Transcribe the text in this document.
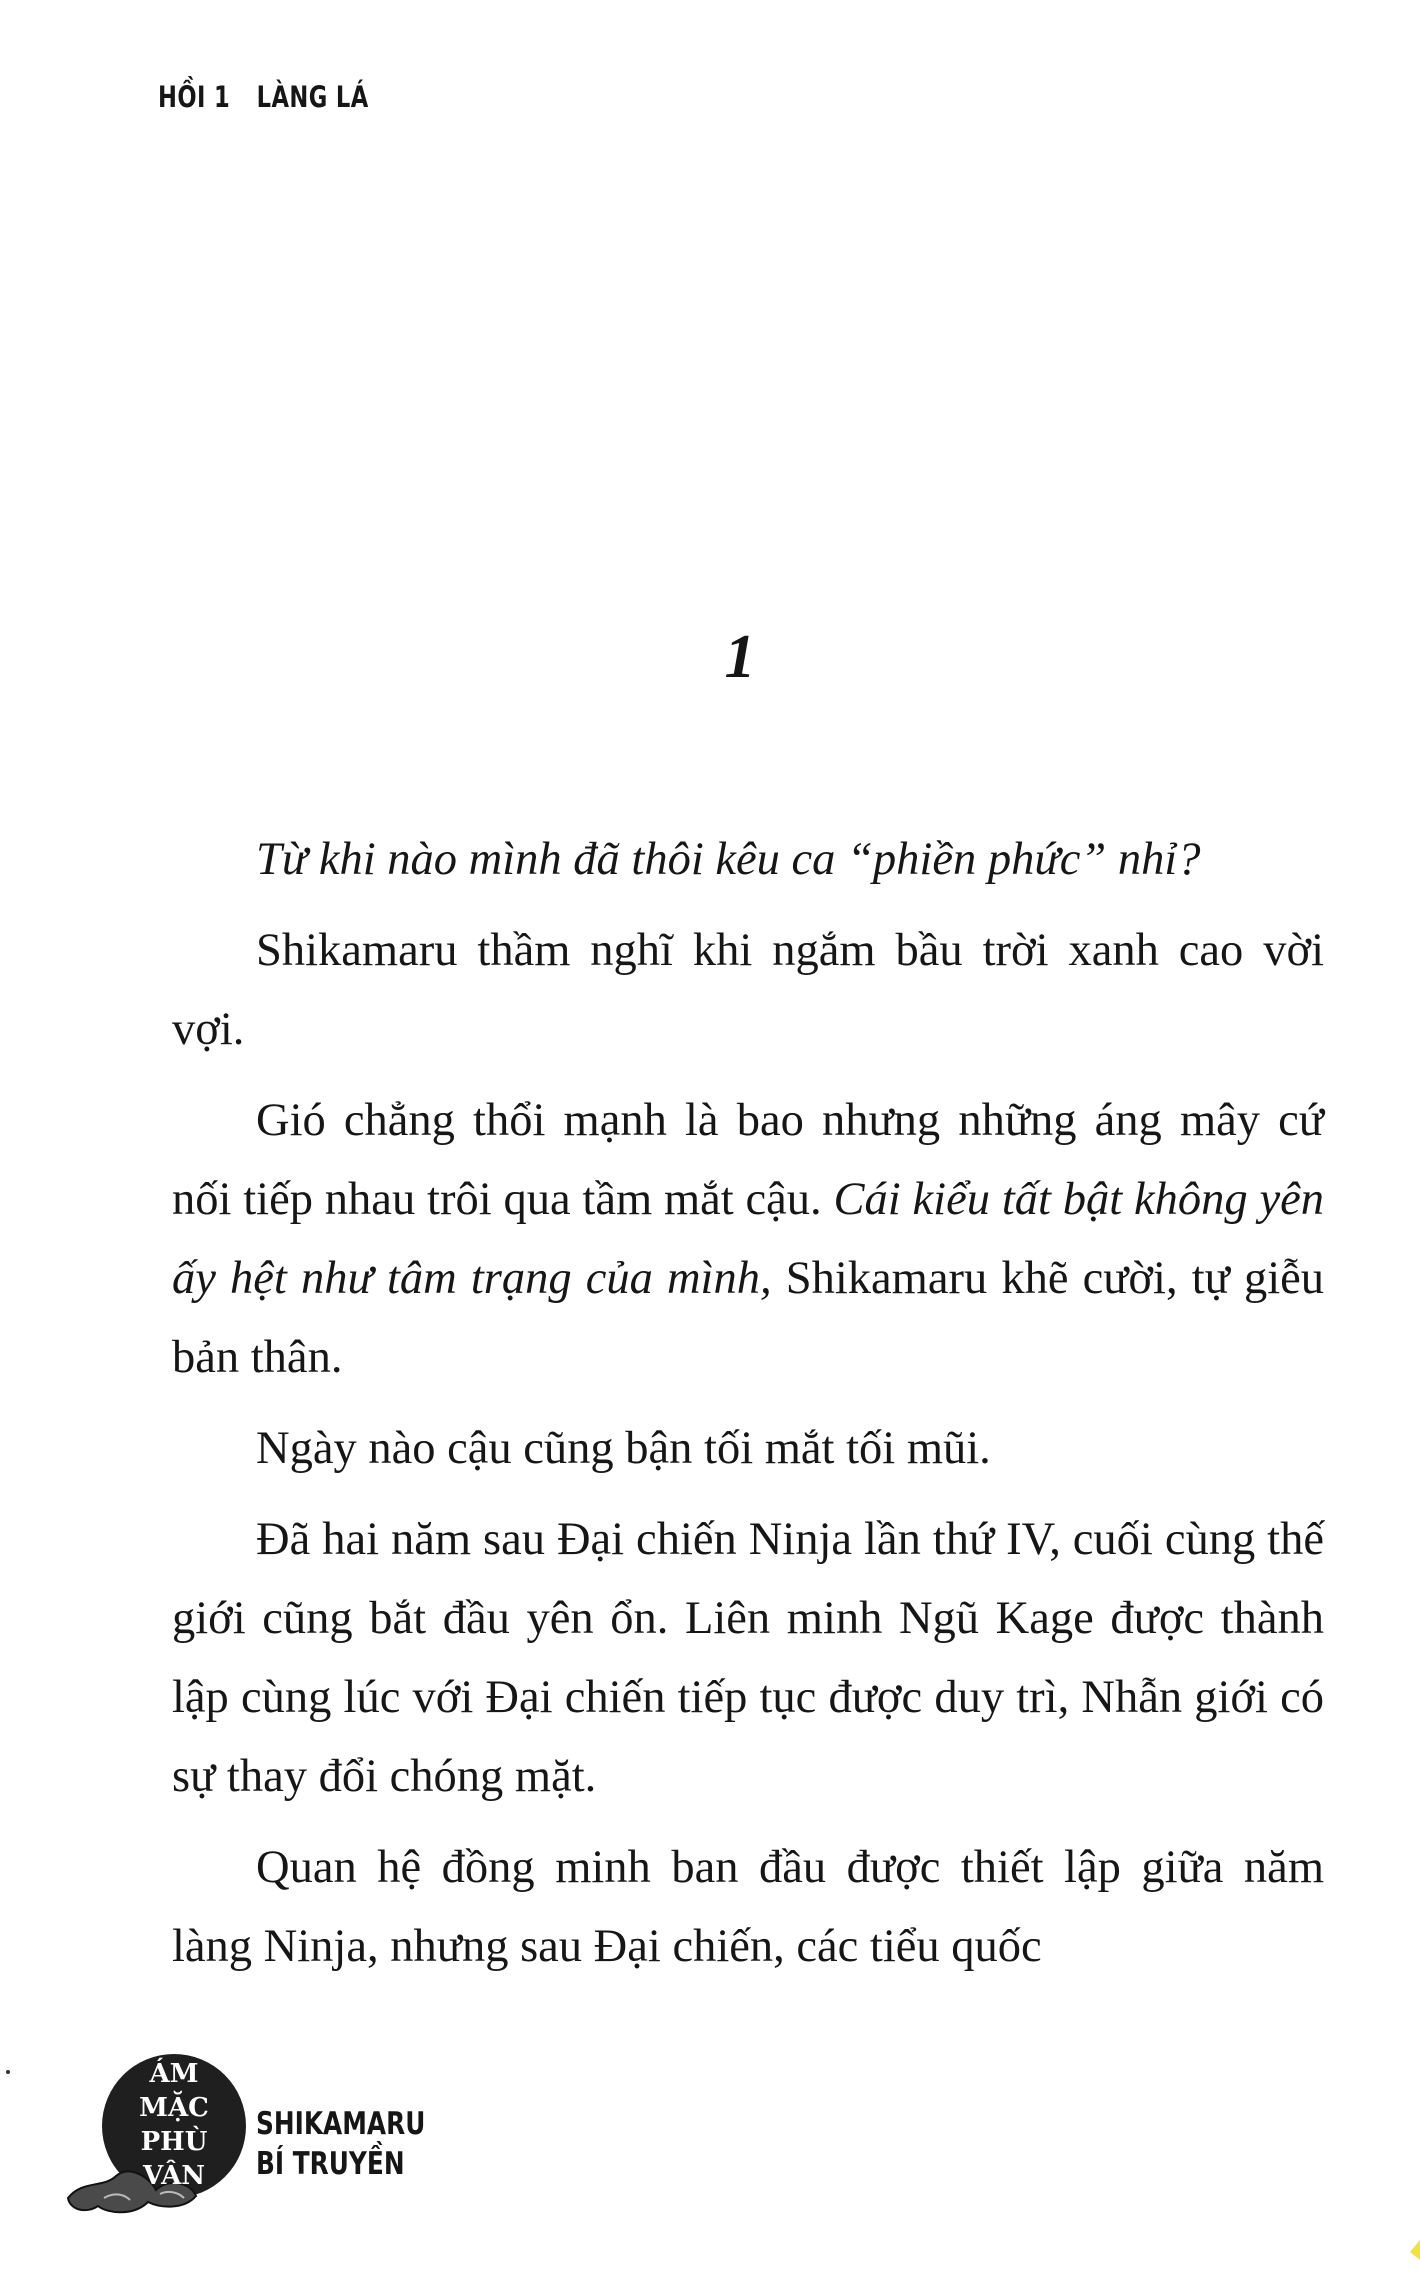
HỒI 1 LÀNG LÁ
1

Từ khi nào mình đã thôi kêu ca “phiền phức” nhỉ?

Shikamaru thầm nghĩ khi ngắm bầu trời xanh cao vời vợi.

Gió chẳng thổi mạnh là bao nhưng những áng mây cứ nối tiếp nhau trôi qua tầm mắt cậu. Cái kiểu tất bật không yên ấy hệt như tâm trạng của mình, Shikamaru khẽ cười, tự giễu bản thân.

Ngày nào cậu cũng bận tối mắt tối mũi.

Đã hai năm sau Đại chiến Ninja lần thứ IV, cuối cùng thế giới cũng bắt đầu yên ổn. Liên minh Ngũ Kage được thành lập cùng lúc với Đại chiến tiếp tục được duy trì, Nhẫn giới có sự thay đổi chóng mặt.

Quan hệ đồng minh ban đầu được thiết lập giữa năm làng Ninja, nhưng sau Đại chiến, các tiểu quốc

ÁM
MẶC
PHÙ
VÂN
SHIKAMARU
BÍ TRUYỀN
